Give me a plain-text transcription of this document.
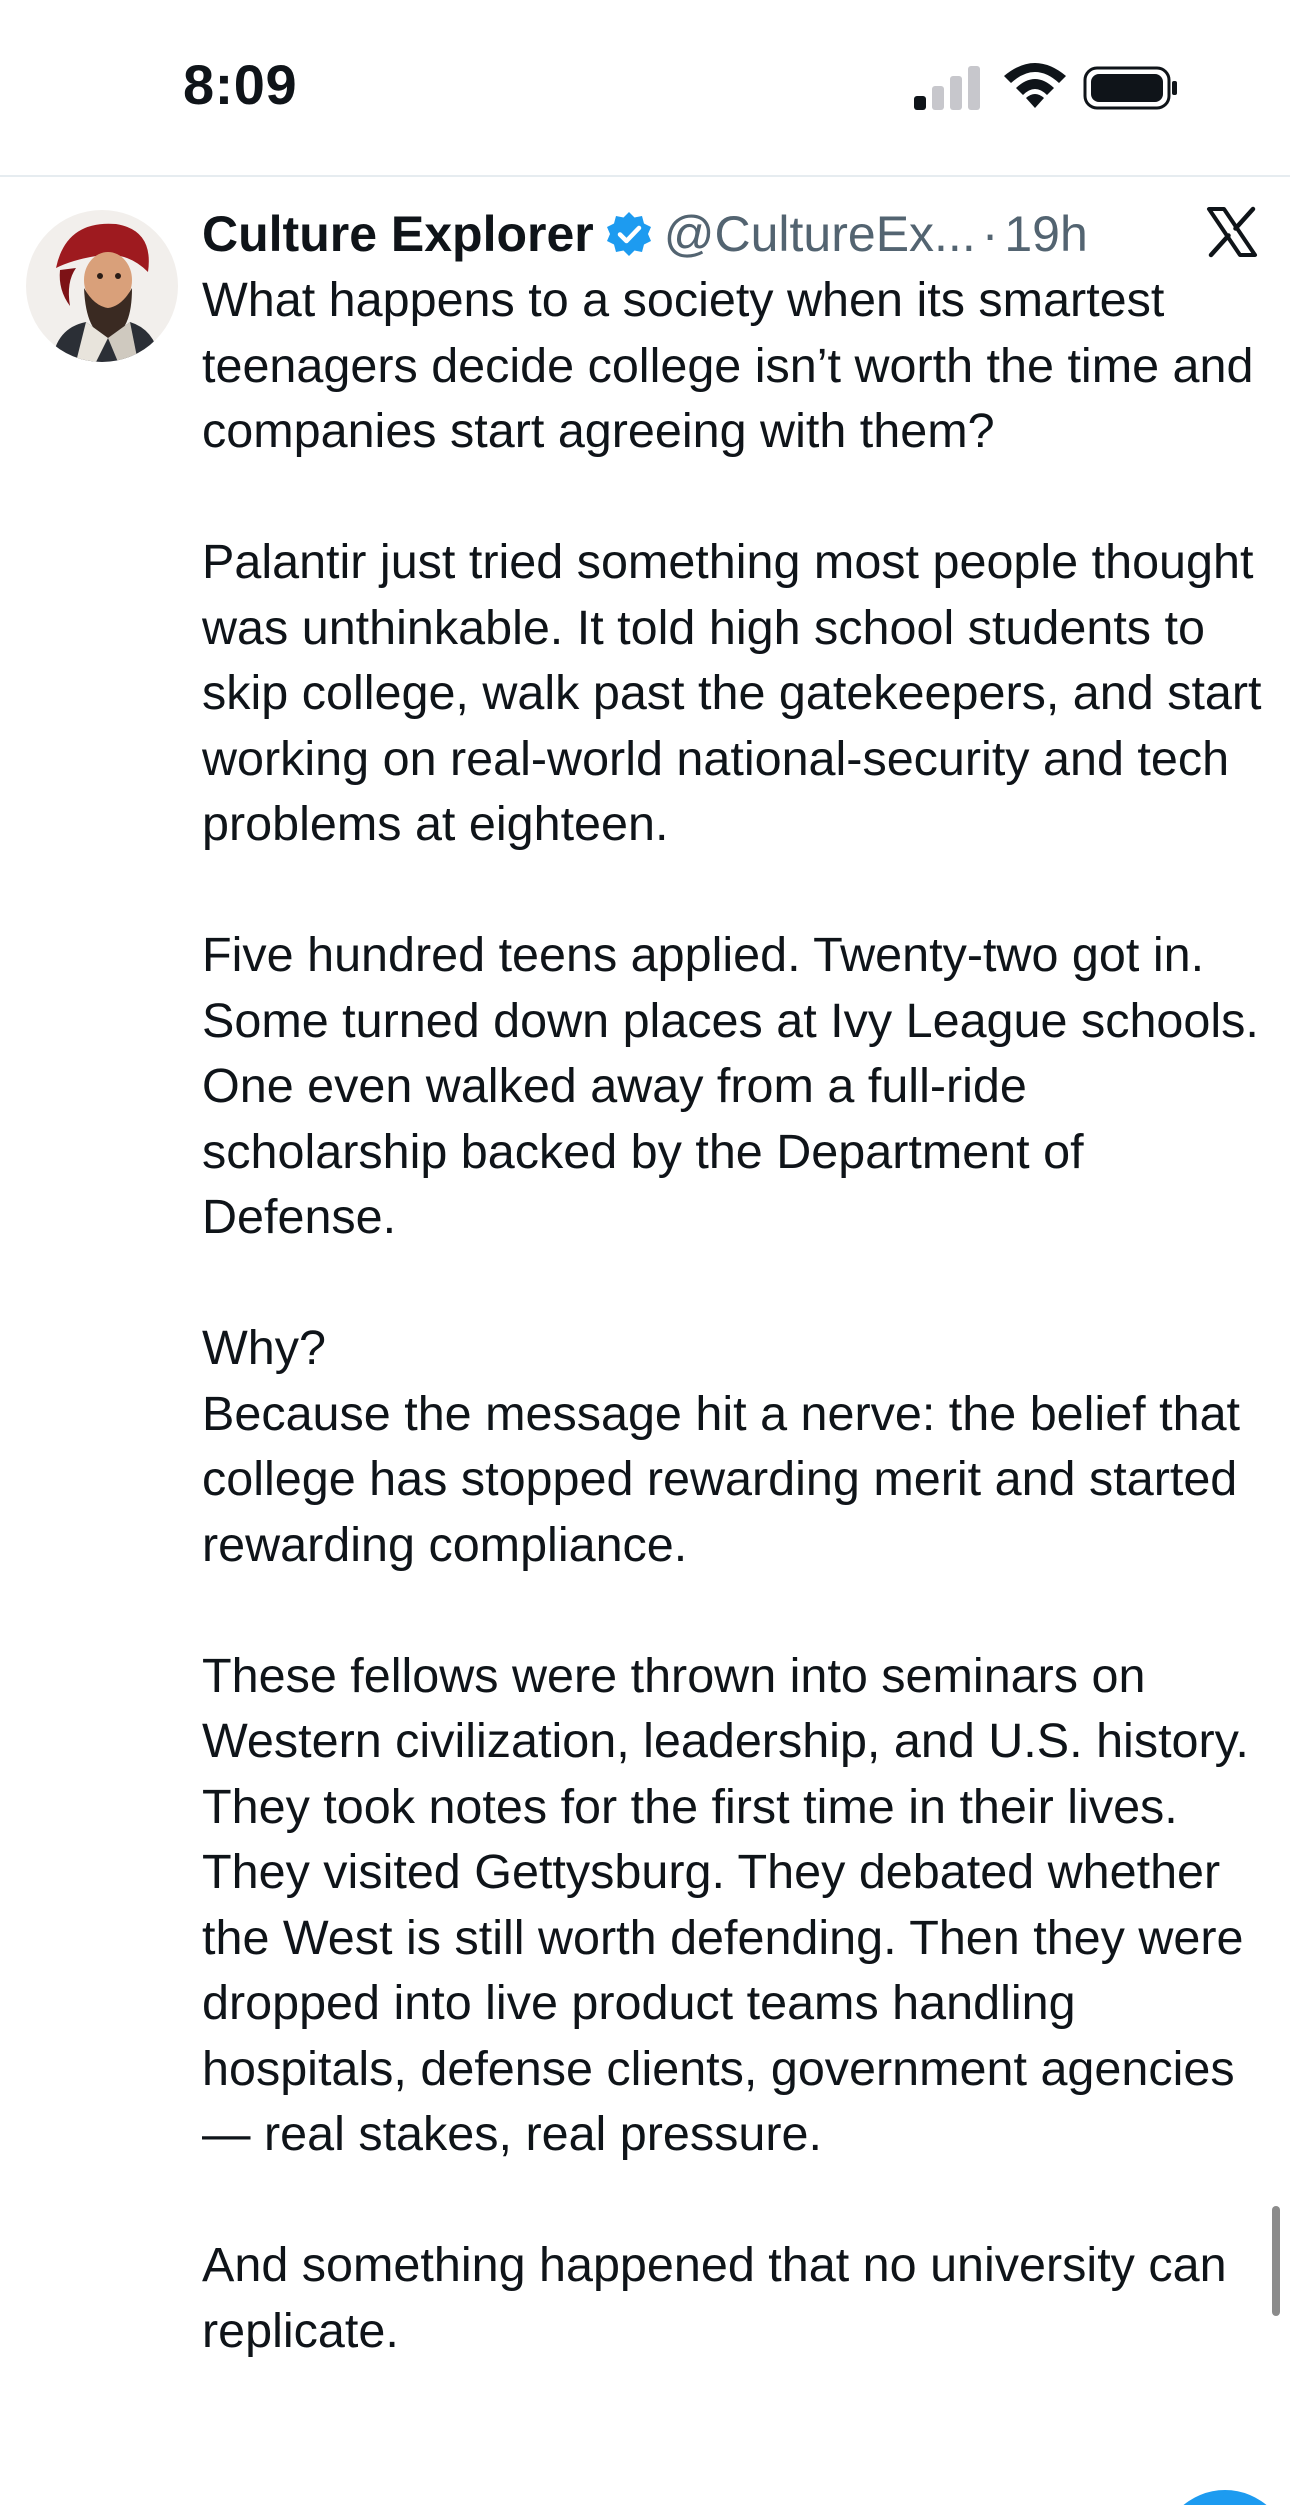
8:09
Culture Explorer @CultureEx... · 19h

What happens to a society when its smartest teenagers decide college isn’t worth the time and companies start agreeing with them?

Palantir just tried something most people thought was unthinkable. It told high school students to skip college, walk past the gatekeepers, and start working on real-world national-security and tech problems at eighteen.

Five hundred teens applied. Twenty-two got in. Some turned down places at Ivy League schools. One even walked away from a full-ride scholarship backed by the Department of Defense.

Why?
Because the message hit a nerve: the belief that college has stopped rewarding merit and started rewarding compliance.

These fellows were thrown into seminars on Western civilization, leadership, and U.S. history. They took notes for the first time in their lives. They visited Gettysburg. They debated whether the West is still worth defending. Then they were dropped into live product teams handling hospitals, defense clients, government agencies — real stakes, real pressure.

And something happened that no university can replicate.
